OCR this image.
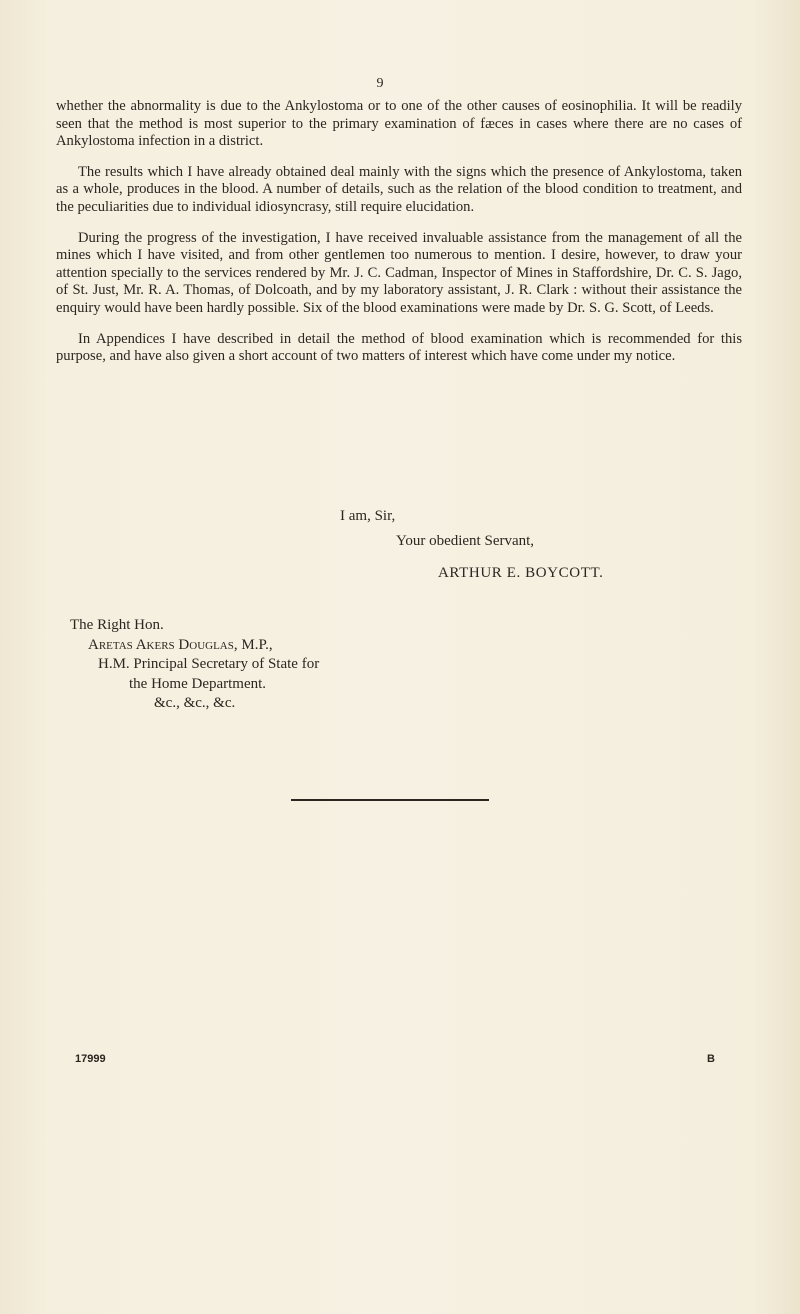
9

whether the abnormality is due to the Ankylostoma or to one of the other causes of eosinophilia. It will be readily seen that the method is most superior to the primary examination of fæces in cases where there are no cases of Ankylostoma infection in a district.

The results which I have already obtained deal mainly with the signs which the presence of Ankylostoma, taken as a whole, produces in the blood. A number of details, such as the relation of the blood condition to treatment, and the peculiarities due to individual idiosyncrasy, still require elucidation.

During the progress of the investigation, I have received invaluable assistance from the management of all the mines which I have visited, and from other gentlemen too numerous to mention. I desire, however, to draw your attention specially to the services rendered by Mr. J. C. Cadman, Inspector of Mines in Staffordshire, Dr. C. S. Jago, of St. Just, Mr. R. A. Thomas, of Dolcoath, and by my laboratory assistant, J. R. Clark : without their assistance the enquiry would have been hardly possible. Six of the blood examinations were made by Dr. S. G. Scott, of Leeds.

In Appendices I have described in detail the method of blood examination which is recommended for this purpose, and have also given a short account of two matters of interest which have come under my notice.

I am, Sir,
Your obedient Servant,
ARTHUR E. BOYCOTT.
The Right Hon.
Aretas Akers Douglas, M.P.,
H.M. Principal Secretary of State for
the Home Department.
&c., &c., &c.
17999	B
